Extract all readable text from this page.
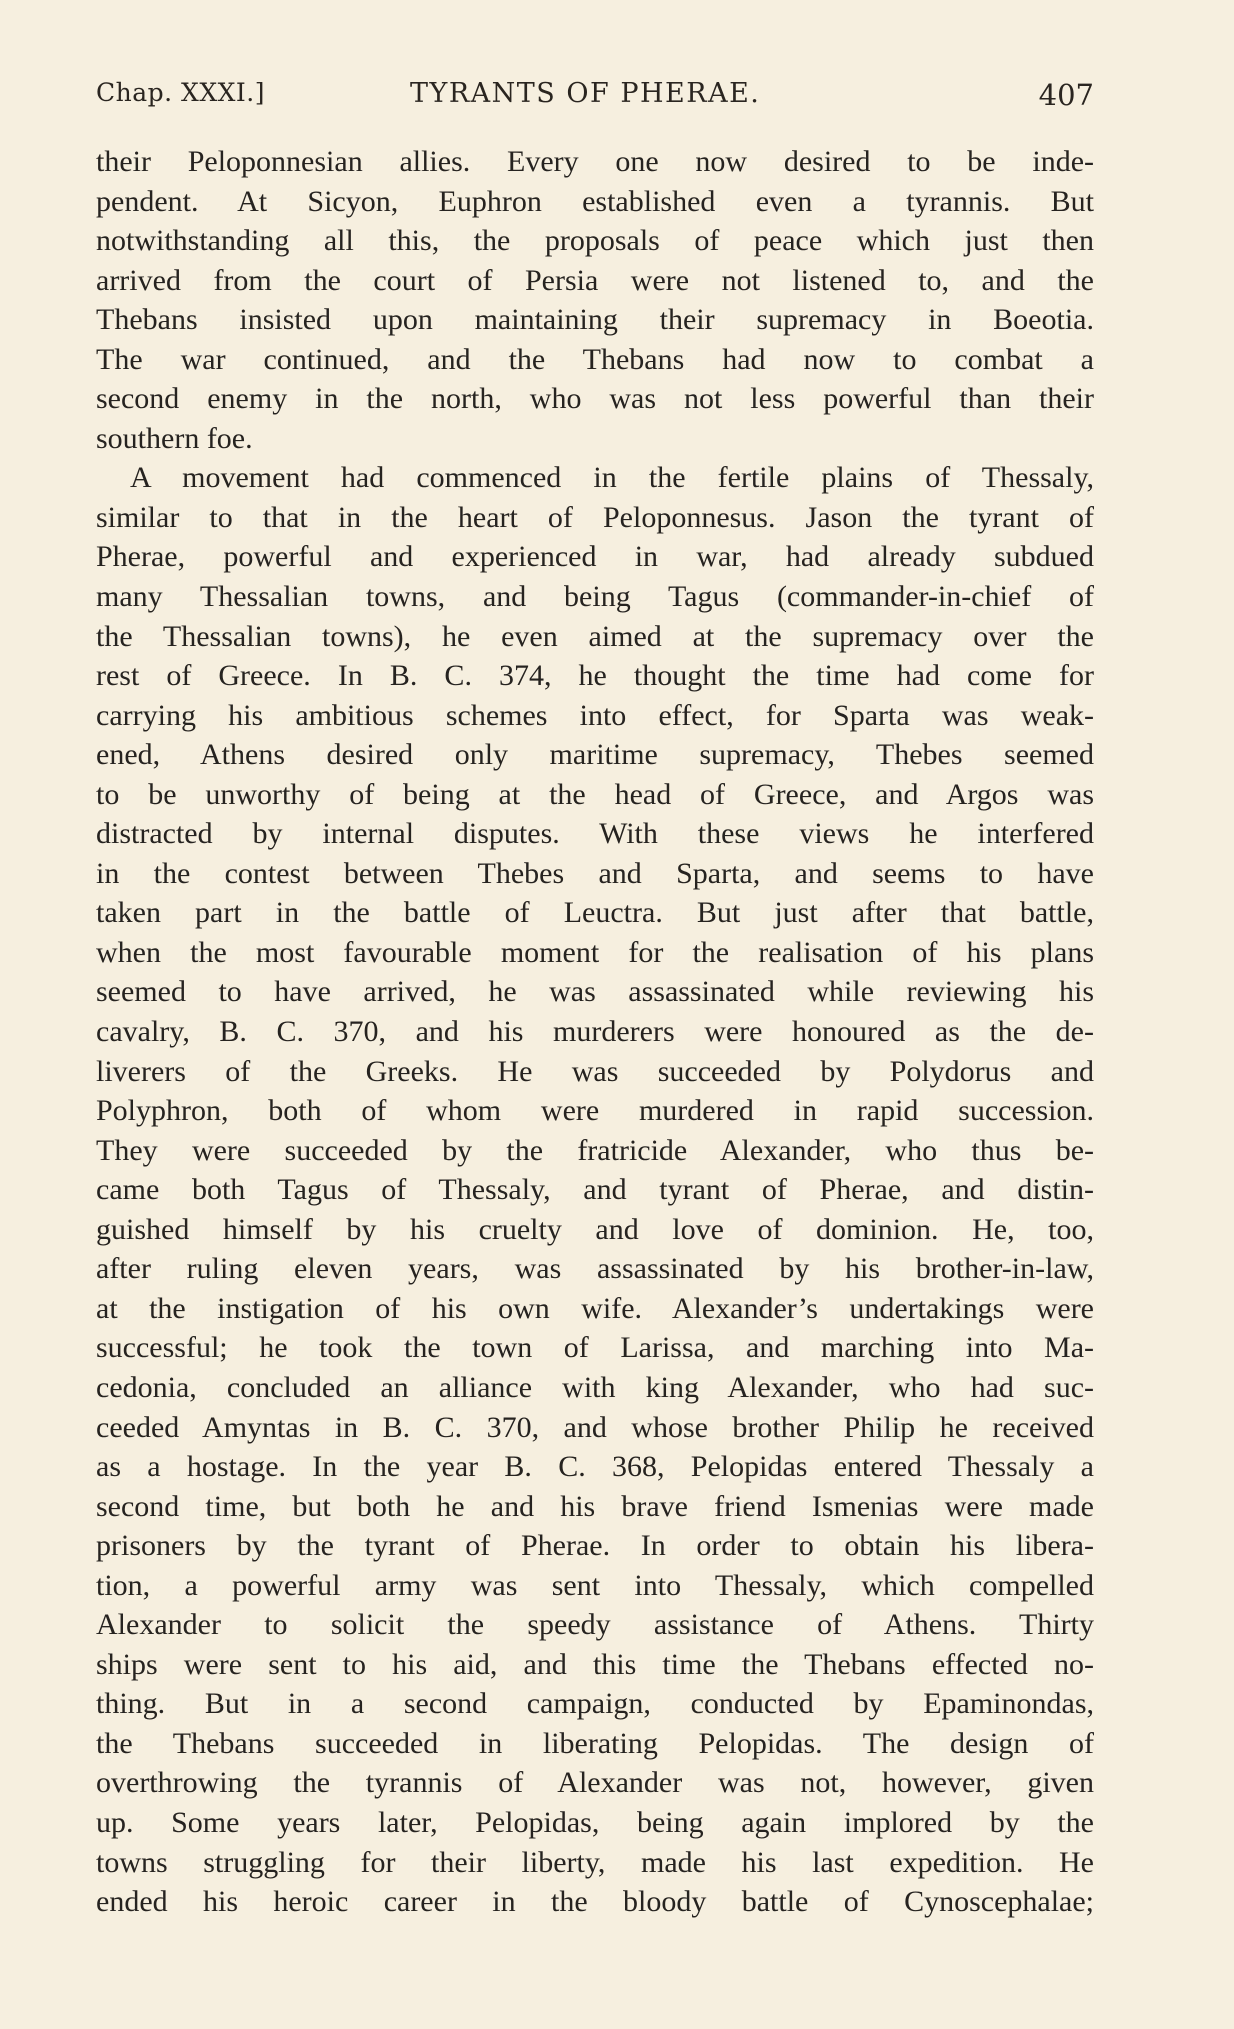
Chap. XXXI.]	TYRANTS OF PHERAE.	407
their Peloponnesian allies. Every one now desired to be inde-
pendent. At Sicyon, Euphron established even a tyrannis. But
notwithstanding all this, the proposals of peace which just then
arrived from the court of Persia were not listened to, and the
Thebans insisted upon maintaining their supremacy in Boeotia.
The war continued, and the Thebans had now to combat a
second enemy in the north, who was not less powerful than their
southern foe.
A movement had commenced in the fertile plains of Thessaly,
similar to that in the heart of Peloponnesus. Jason the tyrant of
Pherae, powerful and experienced in war, had already subdued
many Thessalian towns, and being Tagus (commander-in-chief of
the Thessalian towns), he even aimed at the supremacy over the
rest of Greece. In B. C. 374, he thought the time had come for
carrying his ambitious schemes into effect, for Sparta was weak-
ened, Athens desired only maritime supremacy, Thebes seemed
to be unworthy of being at the head of Greece, and Argos was
distracted by internal disputes. With these views he interfered
in the contest between Thebes and Sparta, and seems to have
taken part in the battle of Leuctra. But just after that battle,
when the most favourable moment for the realisation of his plans
seemed to have arrived, he was assassinated while reviewing his
cavalry, B. C. 370, and his murderers were honoured as the de-
liverers of the Greeks. He was succeeded by Polydorus and
Polyphron, both of whom were murdered in rapid succession.
They were succeeded by the fratricide Alexander, who thus be-
came both Tagus of Thessaly, and tyrant of Pherae, and distin-
guished himself by his cruelty and love of dominion. He, too,
after ruling eleven years, was assassinated by his brother-in-law,
at the instigation of his own wife. Alexander’s undertakings were
successful; he took the town of Larissa, and marching into Ma-
cedonia, concluded an alliance with king Alexander, who had suc-
ceeded Amyntas in B. C. 370, and whose brother Philip he received
as a hostage. In the year B. C. 368, Pelopidas entered Thessaly a
second time, but both he and his brave friend Ismenias were made
prisoners by the tyrant of Pherae. In order to obtain his libera-
tion, a powerful army was sent into Thessaly, which compelled
Alexander to solicit the speedy assistance of Athens. Thirty
ships were sent to his aid, and this time the Thebans effected no-
thing. But in a second campaign, conducted by Epaminondas,
the Thebans succeeded in liberating Pelopidas. The design of
overthrowing the tyrannis of Alexander was not, however, given
up. Some years later, Pelopidas, being again implored by the
towns struggling for their liberty, made his last expedition. He
ended his heroic career in the bloody battle of Cynoscephalae;
